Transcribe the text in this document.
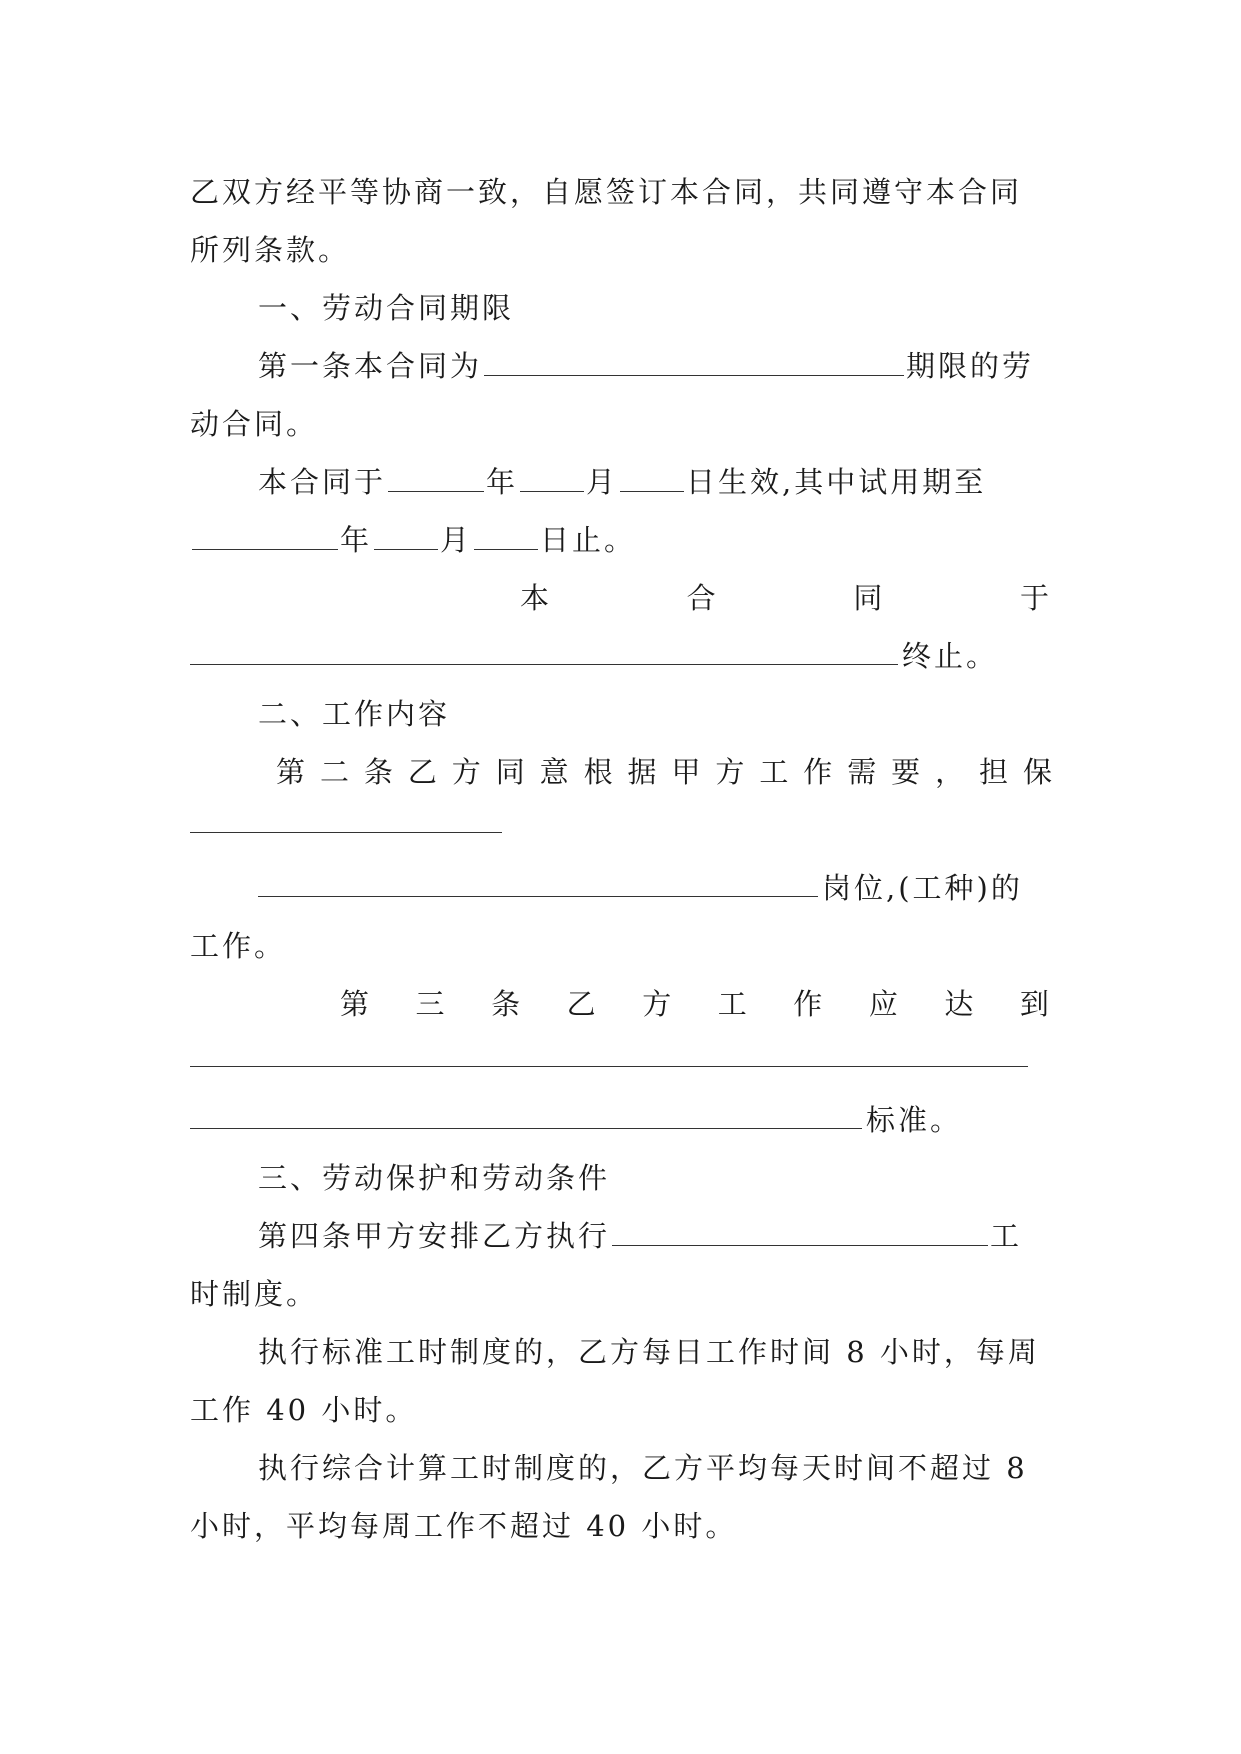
乙双方经平等协商一致，自愿签订本合同，共同遵守本合同
所列条款。
一、劳动合同期限
第一条本合同为	期限的劳
动合同。
本合同于	年 月 日生效,其中试用期至
年 月 日止。
本	合	同	于
终止。
二、工作内容
第 二 条 乙 方 同 意 根 据 甲 方 工 作 需 要 ， 担 保
岗位,(工种)的
工作。
第 三 条 乙 方 工 作 应 达 到
标准。
三、劳动保护和劳动条件
第四条甲方安排乙方执行	工
时制度。
执行标准工时制度的，乙方每日工作时间 8 小时，每周
工作 40 小时。
执行综合计算工时制度的，乙方平均每天时间不超过 8
小时，平均每周工作不超过 40 小时。
